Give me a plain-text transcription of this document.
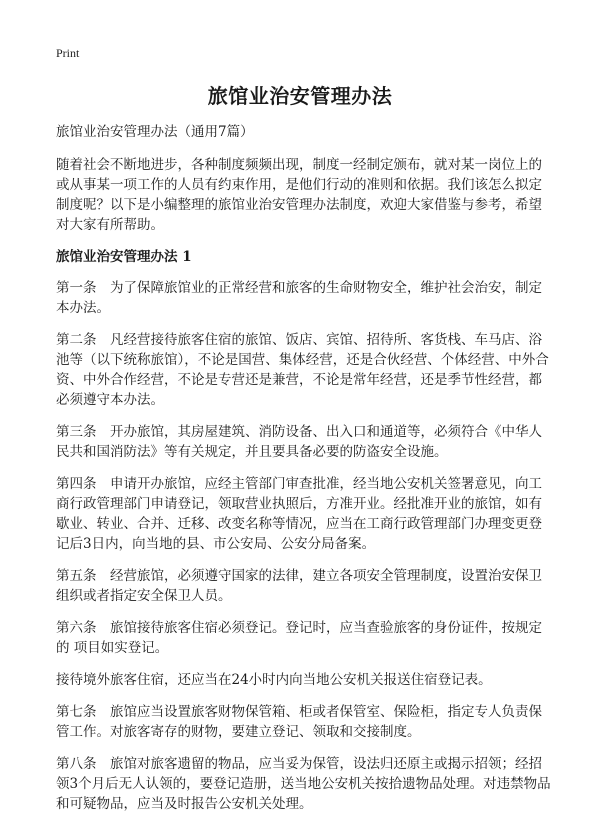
Print
旅馆业治安管理办法

旅馆业治安管理办法（通用7篇）

随着社会不断地进步，各种制度频频出现，制度一经制定颁布，就对某一岗位上的或从事某一项工作的人员有约束作用，是他们行动的准则和依据。我们该怎么拟定制度呢？以下是小编整理的旅馆业治安管理办法制度，欢迎大家借鉴与参考，希望对大家有所帮助。

旅馆业治安管理办法 1

第一条　为了保障旅馆业的正常经营和旅客的生命财物安全，维护社会治安，制定本办法。

第二条　凡经营接待旅客住宿的旅馆、饭店、宾馆、招待所、客货栈、车马店、浴池等（以下统称旅馆），不论是国营、集体经营，还是合伙经营、个体经营、中外合资、中外合作经营，不论是专营还是兼营，不论是常年经营，还是季节性经营，都必须遵守本办法。

第三条　开办旅馆，其房屋建筑、消防设备、出入口和通道等，必须符合《中华人民共和国消防法》等有关规定，并且要具备必要的防盗安全设施。

第四条　申请开办旅馆，应经主管部门审查批准，经当地公安机关签署意见，向工商行政管理部门申请登记，领取营业执照后，方准开业。经批准开业的旅馆，如有歇业、转业、合并、迁移、改变名称等情况，应当在工商行政管理部门办理变更登记后3日内，向当地的县、市公安局、公安分局备案。

第五条　经营旅馆，必须遵守国家的法律，建立各项安全管理制度，设置治安保卫组织或者指定安全保卫人员。

第六条　旅馆接待旅客住宿必须登记。登记时，应当查验旅客的身份证件，按规定的 项目如实登记。

接待境外旅客住宿，还应当在24小时内向当地公安机关报送住宿登记表。

第七条　旅馆应当设置旅客财物保管箱、柜或者保管室、保险柜，指定专人负责保管工作。对旅客寄存的财物，要建立登记、领取和交接制度。

第八条　旅馆对旅客遗留的物品，应当妥为保管，设法归还原主或揭示招领；经招领3个月后无人认领的，要登记造册，送当地公安机关按拾遗物品处理。对违禁物品和可疑物品，应当及时报告公安机关处理。
